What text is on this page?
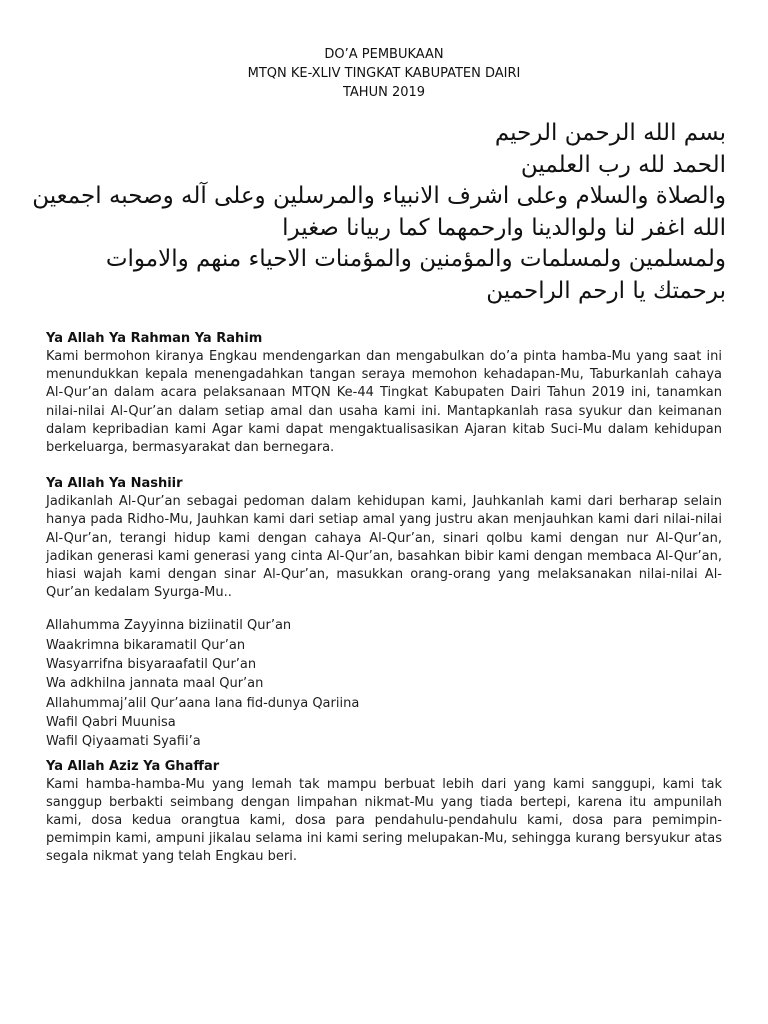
DO’A PEMBUKAAN
MTQN KE-XLIV TINGKAT KABUPATEN DAIRI
TAHUN 2019
بسم الله الرحمن الرحيم
الحمد لله رب العلمين
والصلاة والسلام وعلى اشرف الانبياء والمرسلين وعلى آله وصحبه اجمعين
الله اغفر لنا ولوالدينا وارحمهما كما ربيانا صغيرا
ولمسلمين ولمسلمات والمؤمنين والمؤمنات الاحياء منهم والاموات
برحمتك يا ارحم الراحمين
Ya Allah Ya Rahman Ya Rahim

Kami bermohon kiranya Engkau mendengarkan dan mengabulkan do’a pinta hamba-Mu yang saat ini menundukkan kepala menengadahkan tangan seraya memohon kehadapan-Mu, Taburkanlah cahaya Al-Qur’an dalam acara pelaksanaan MTQN Ke-44 Tingkat Kabupaten Dairi Tahun 2019 ini, tanamkan nilai-nilai Al-Qur’an dalam setiap amal dan usaha kami ini. Mantapkanlah rasa syukur dan keimanan dalam kepribadian kami Agar kami dapat mengaktualisasikan Ajaran kitab Suci-Mu dalam kehidupan berkeluarga, bermasyarakat dan bernegara.

Ya Allah Ya Nashiir

Jadikanlah Al-Qur’an sebagai pedoman dalam kehidupan kami, Jauhkanlah kami dari berharap selain hanya pada Ridho-Mu, Jauhkan kami dari setiap amal yang justru akan menjauhkan kami dari nilai-nilai Al-Qur’an, terangi hidup kami dengan cahaya Al-Qur’an, sinari qolbu kami dengan nur Al-Qur’an, jadikan generasi kami generasi yang cinta Al-Qur’an, basahkan bibir kami dengan membaca Al-Qur’an, hiasi wajah kami dengan sinar Al-Qur’an, masukkan orang-orang yang melaksanakan nilai-nilai Al-Qur’an kedalam Syurga-Mu..

Allahumma Zayyinna biziinatil Qur’an
Waakrimna bikaramatil Qur’an
Wasyarrifna bisyaraafatil Qur’an
Wa adkhilna jannata maal Qur’an
Allahummaj’alil Qur’aana lana fid-dunya Qariina
Wafil Qabri Muunisa
Wafil Qiyaamati Syafii’a
Ya Allah Aziz Ya Ghaffar

Kami hamba-hamba-Mu yang lemah tak mampu berbuat lebih dari yang kami sanggupi, kami tak sanggup berbakti seimbang dengan limpahan nikmat-Mu yang tiada bertepi, karena itu ampunilah kami, dosa kedua orangtua kami, dosa para pendahulu-pendahulu kami, dosa para pemimpin-pemimpin kami, ampuni jikalau selama ini kami sering melupakan-Mu, sehingga kurang bersyukur atas segala nikmat yang telah Engkau beri.
